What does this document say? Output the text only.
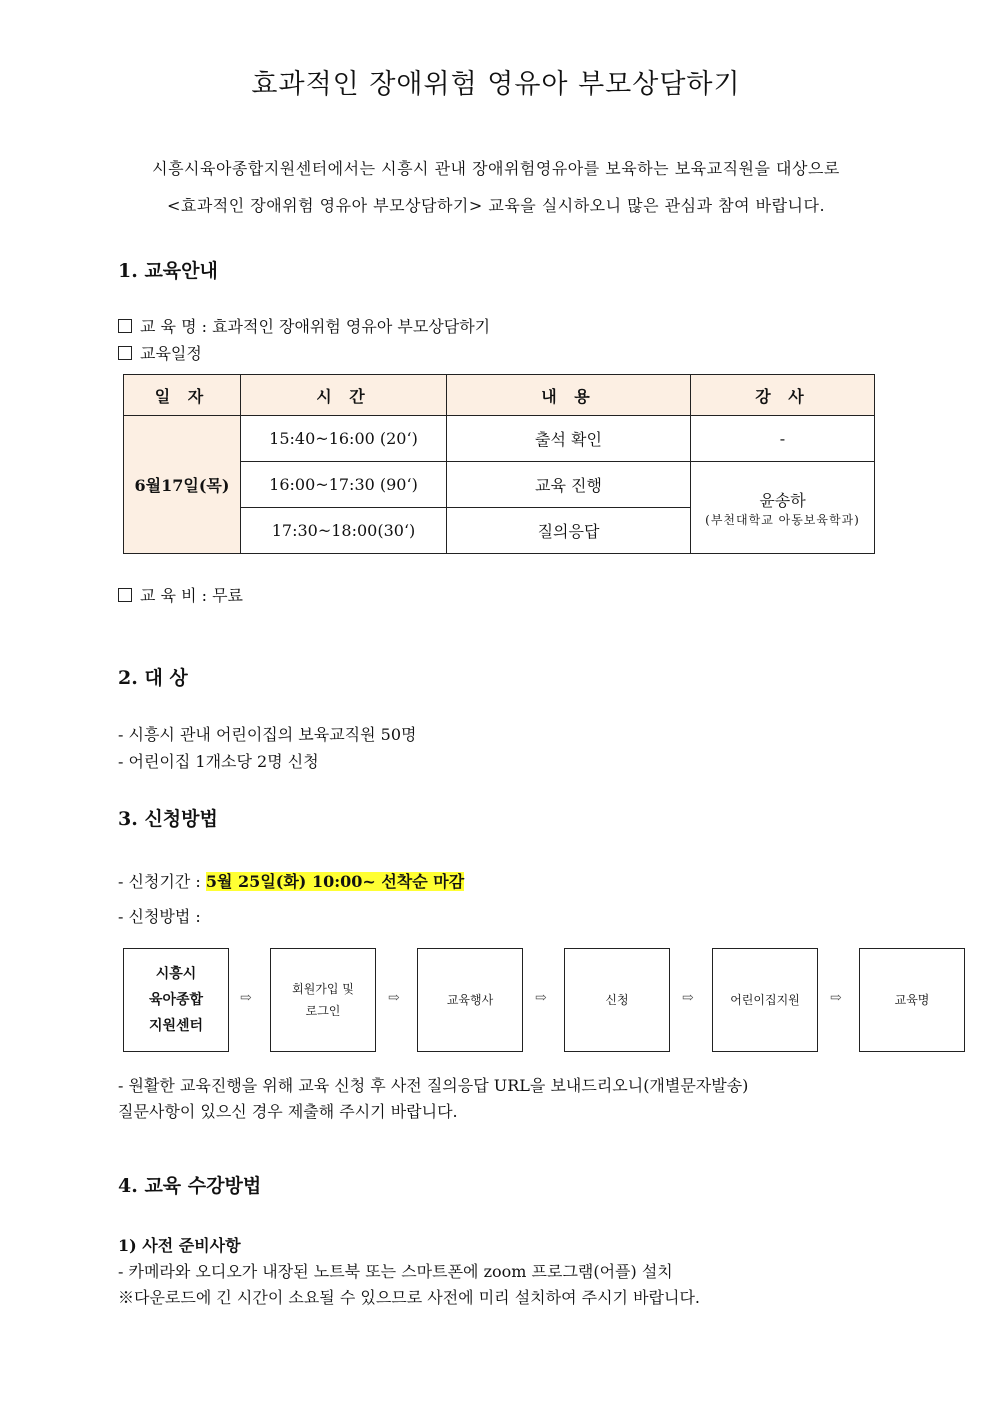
효과적인 장애위험 영유아 부모상담하기
시흥시육아종합지원센터에서는 시흥시 관내 장애위험영유아를 보육하는 보육교직원을 대상으로
<효과적인 장애위험 영유아 부모상담하기> 교육을 실시하오니 많은 관심과 참여 바랍니다.
1. 교육안내
교 육 명 : 효과적인 장애위험 영유아 부모상담하기
교육일정
일 자	시 간	내 용	강 사
6월17일(목)	15:40~16:00 (20‘)	출석 확인	-
	16:00~17:30 (90‘)	교육 진행	윤송하
(부천대학교 아동보육학과)

	17:30~18:00(30‘)	질의응답	
교 육 비 : 무료
2. 대 상
- 시흥시 관내 어린이집의 보육교직원 50명
- 어린이집 1개소당 2명 신청
3. 신청방법
- 신청기간 : 5월 25일(화) 10:00~ 선착순 마감
- 신청방법 :
시흥시
육아종합
지원센터
⇨
회원가입 및
로그인
⇨	교육행사	⇨	신청	⇨	어린이집지원	⇨	교육명
- 원활한 교육진행을 위해 교육 신청 후 사전 질의응답 URL을 보내드리오니(개별문자발송)
질문사항이 있으신 경우 제출해 주시기 바랍니다.
4. 교육 수강방법
1) 사전 준비사항
- 카메라와 오디오가 내장된 노트북 또는 스마트폰에 zoom 프로그램(어플) 설치
※다운로드에 긴 시간이 소요될 수 있으므로 사전에 미리 설치하여 주시기 바랍니다.
